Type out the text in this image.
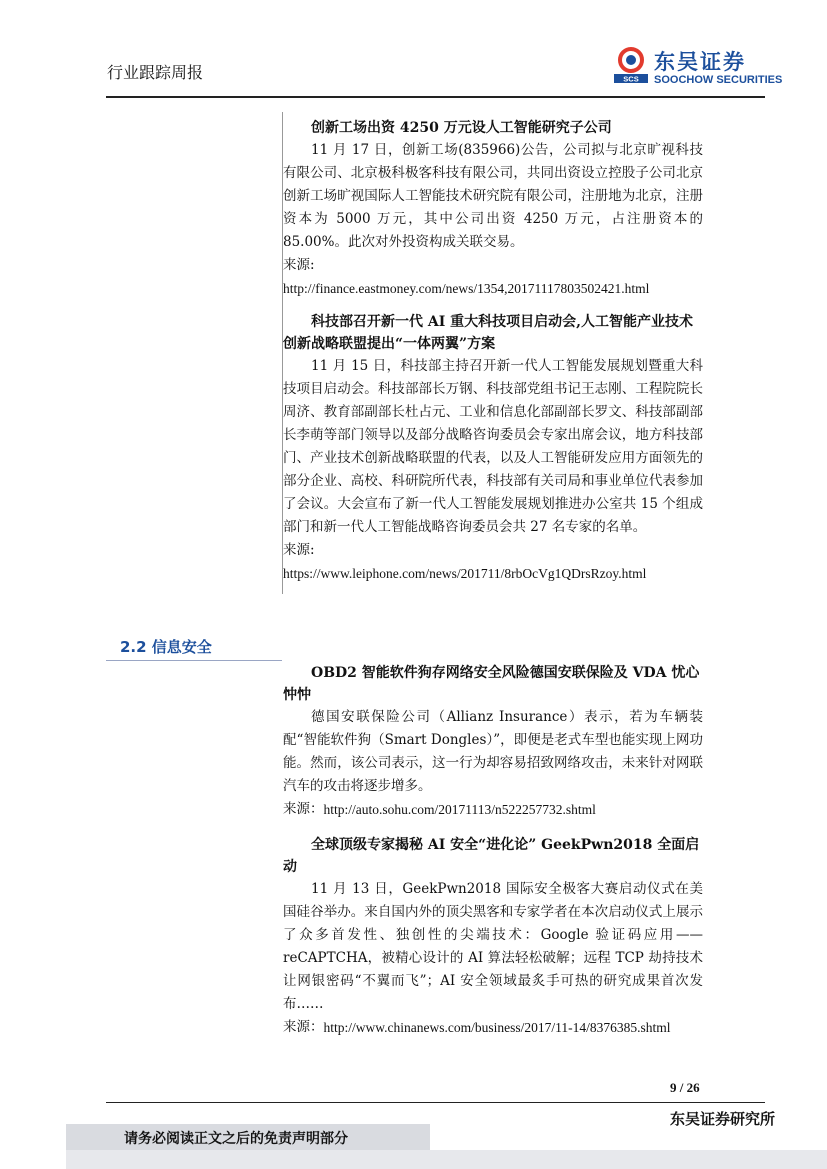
行业跟踪周报	SCS
东吴证券
SOOCHOW SECURITIES
创新工场出资 4250 万元设人工智能研究子公司
11 月 17 日，创新工场(835966)公告，公司拟与北京旷视科技有限公司、北京极科极客科技有限公司，共同出资设立控股子公司北京创新工场旷视国际人工智能技术研究院有限公司，注册地为北京，注册资本为 5000 万元，其中公司出资 4250 万元，占注册资本的 85.00%。此次对外投资构成关联交易。
来源:
http://finance.eastmoney.com/news/1354,20171117803502421.html
科技部召开新一代 AI 重大科技项目启动会,人工智能产业技术创新战略联盟提出“一体两翼”方案
11 月 15 日，科技部主持召开新一代人工智能发展规划暨重大科技项目启动会。科技部部长万钢、科技部党组书记王志刚、工程院院长周济、教育部副部长杜占元、工业和信息化部副部长罗文、科技部副部长李萌等部门领导以及部分战略咨询委员会专家出席会议，地方科技部门、产业技术创新战略联盟的代表，以及人工智能研发应用方面领先的部分企业、高校、科研院所代表，科技部有关司局和事业单位代表参加了会议。大会宣布了新一代人工智能发展规划推进办公室共 15 个组成部门和新一代人工智能战略咨询委员会共 27 名专家的名单。
来源:
https://www.leiphone.com/news/201711/8rbOcVg1QDrsRzoy.html
2.2 信息安全
OBD2 智能软件狗存网络安全风险德国安联保险及 VDA 忧心忡忡
德国安联保险公司（Allianz Insurance）表示，若为车辆装配“智能软件狗（Smart Dongles）”，即便是老式车型也能实现上网功能。然而，该公司表示，这一行为却容易招致网络攻击，未来针对网联汽车的攻击将逐步增多。
来源： http://auto.sohu.com/20171113/n522257732.shtml
全球顶级专家揭秘 AI 安全“进化论” GeekPwn2018 全面启动
11 月 13 日，GeekPwn2018 国际安全极客大赛启动仪式在美国硅谷举办。来自国内外的顶尖黑客和专家学者在本次启动仪式上展示了众多首发性、独创性的尖端技术：Google 验证码应用——reCAPTCHA，被精心设计的 AI 算法轻松破解；远程 TCP 劫持技术让网银密码“不翼而飞”；AI 安全领域最炙手可热的研究成果首次发布……
来源： http://www.chinanews.com/business/2017/11-14/8376385.shtml
9 / 26
东吴证券研究所
请务必阅读正文之后的免责声明部分
